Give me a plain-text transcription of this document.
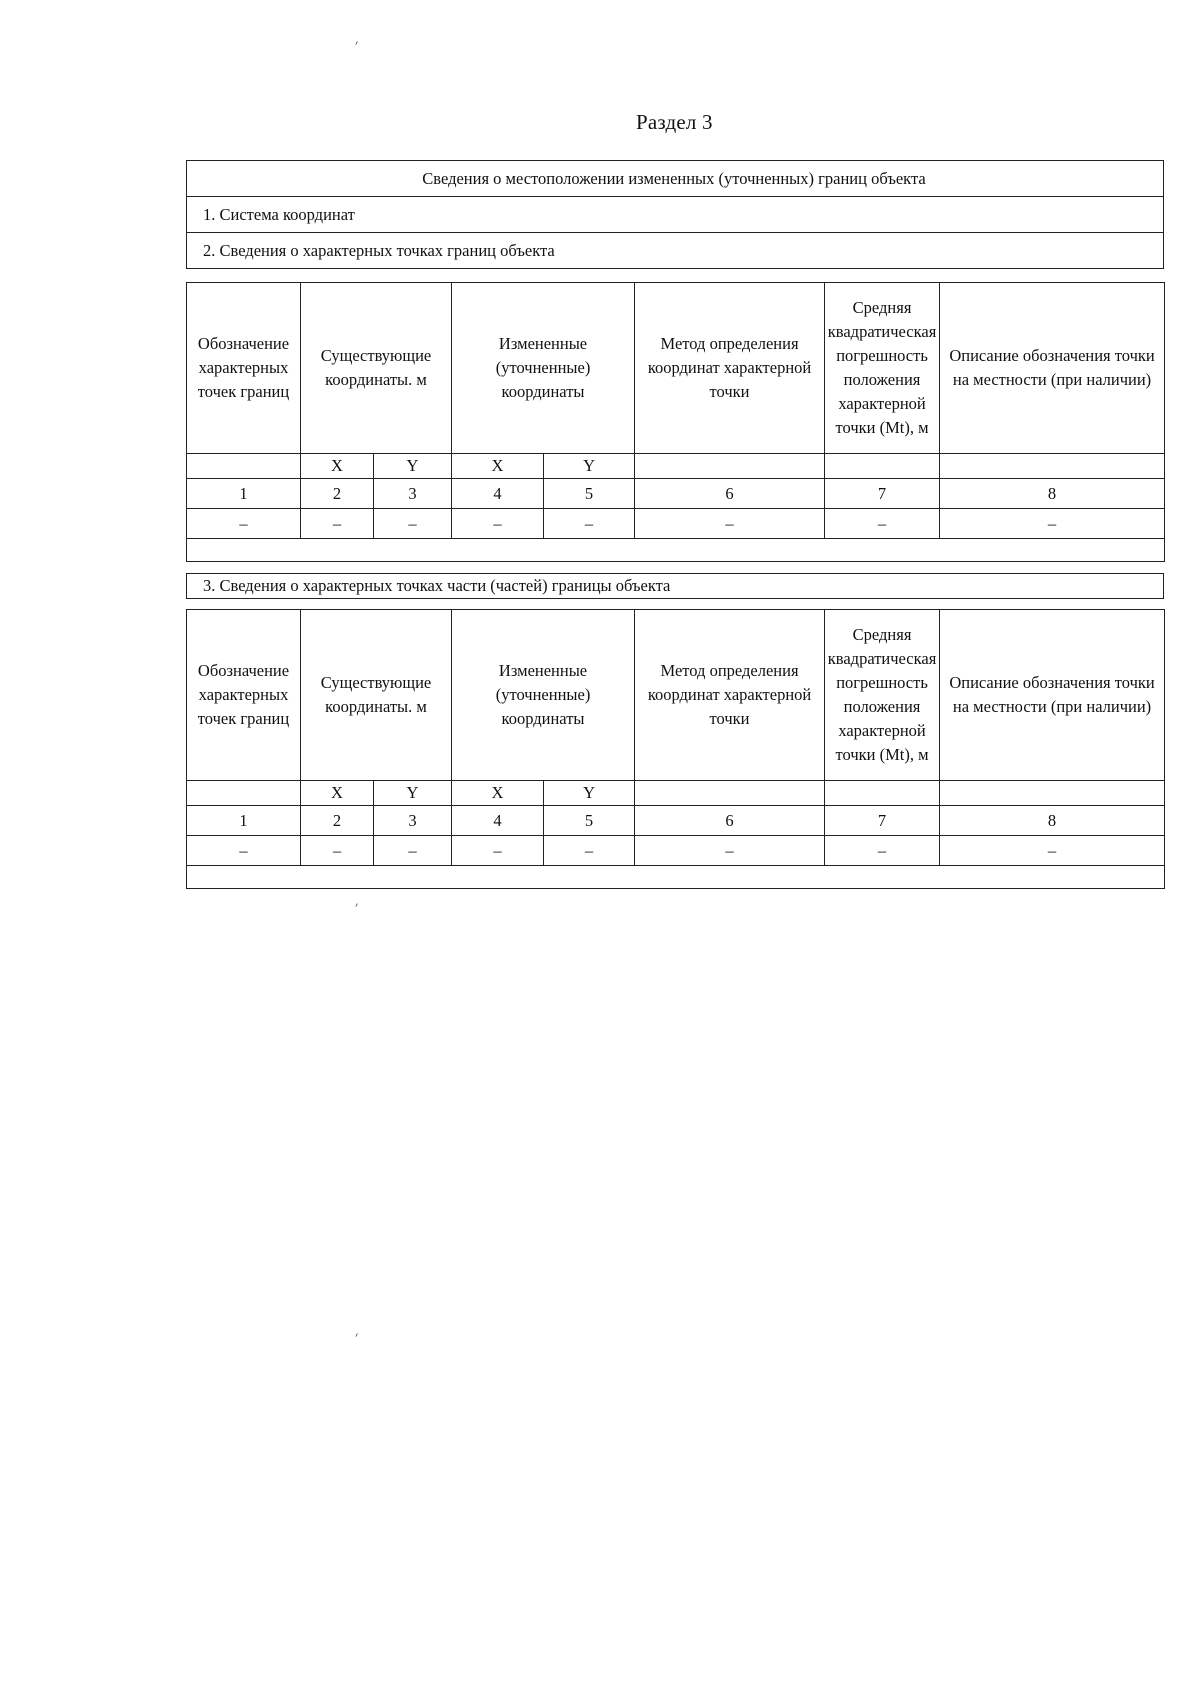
Раздел 3
Сведения о местоположении измененных (уточненных) границ объекта
1. Система координат
2. Сведения о характерных точках границ объекта
Обозначение характерных точек границ	Существующие координаты. м		Измененные (уточненные) координаты		Метод определения координат характерной точки	Средняя квадратическая погрешность положения характерной точки (Mt), м	Описание обозначения точки на местности (при наличии)
	X	Y	X	Y			
1	2	3	4	5	6	7	8
–	–	–	–	–	–	–	–

3. Сведения о характерных точках части (частей) границы объекта
Обозначение характерных точек границ	Существующие координаты. м		Измененные (уточненные) координаты		Метод определения координат характерной точки	Средняя квадратическая погрешность положения характерной точки (Mt), м	Описание обозначения точки на местности (при наличии)
	X	Y	X	Y			
1	2	3	4	5	6	7	8
–	–	–	–	–	–	–	–

׳
׳
׳
